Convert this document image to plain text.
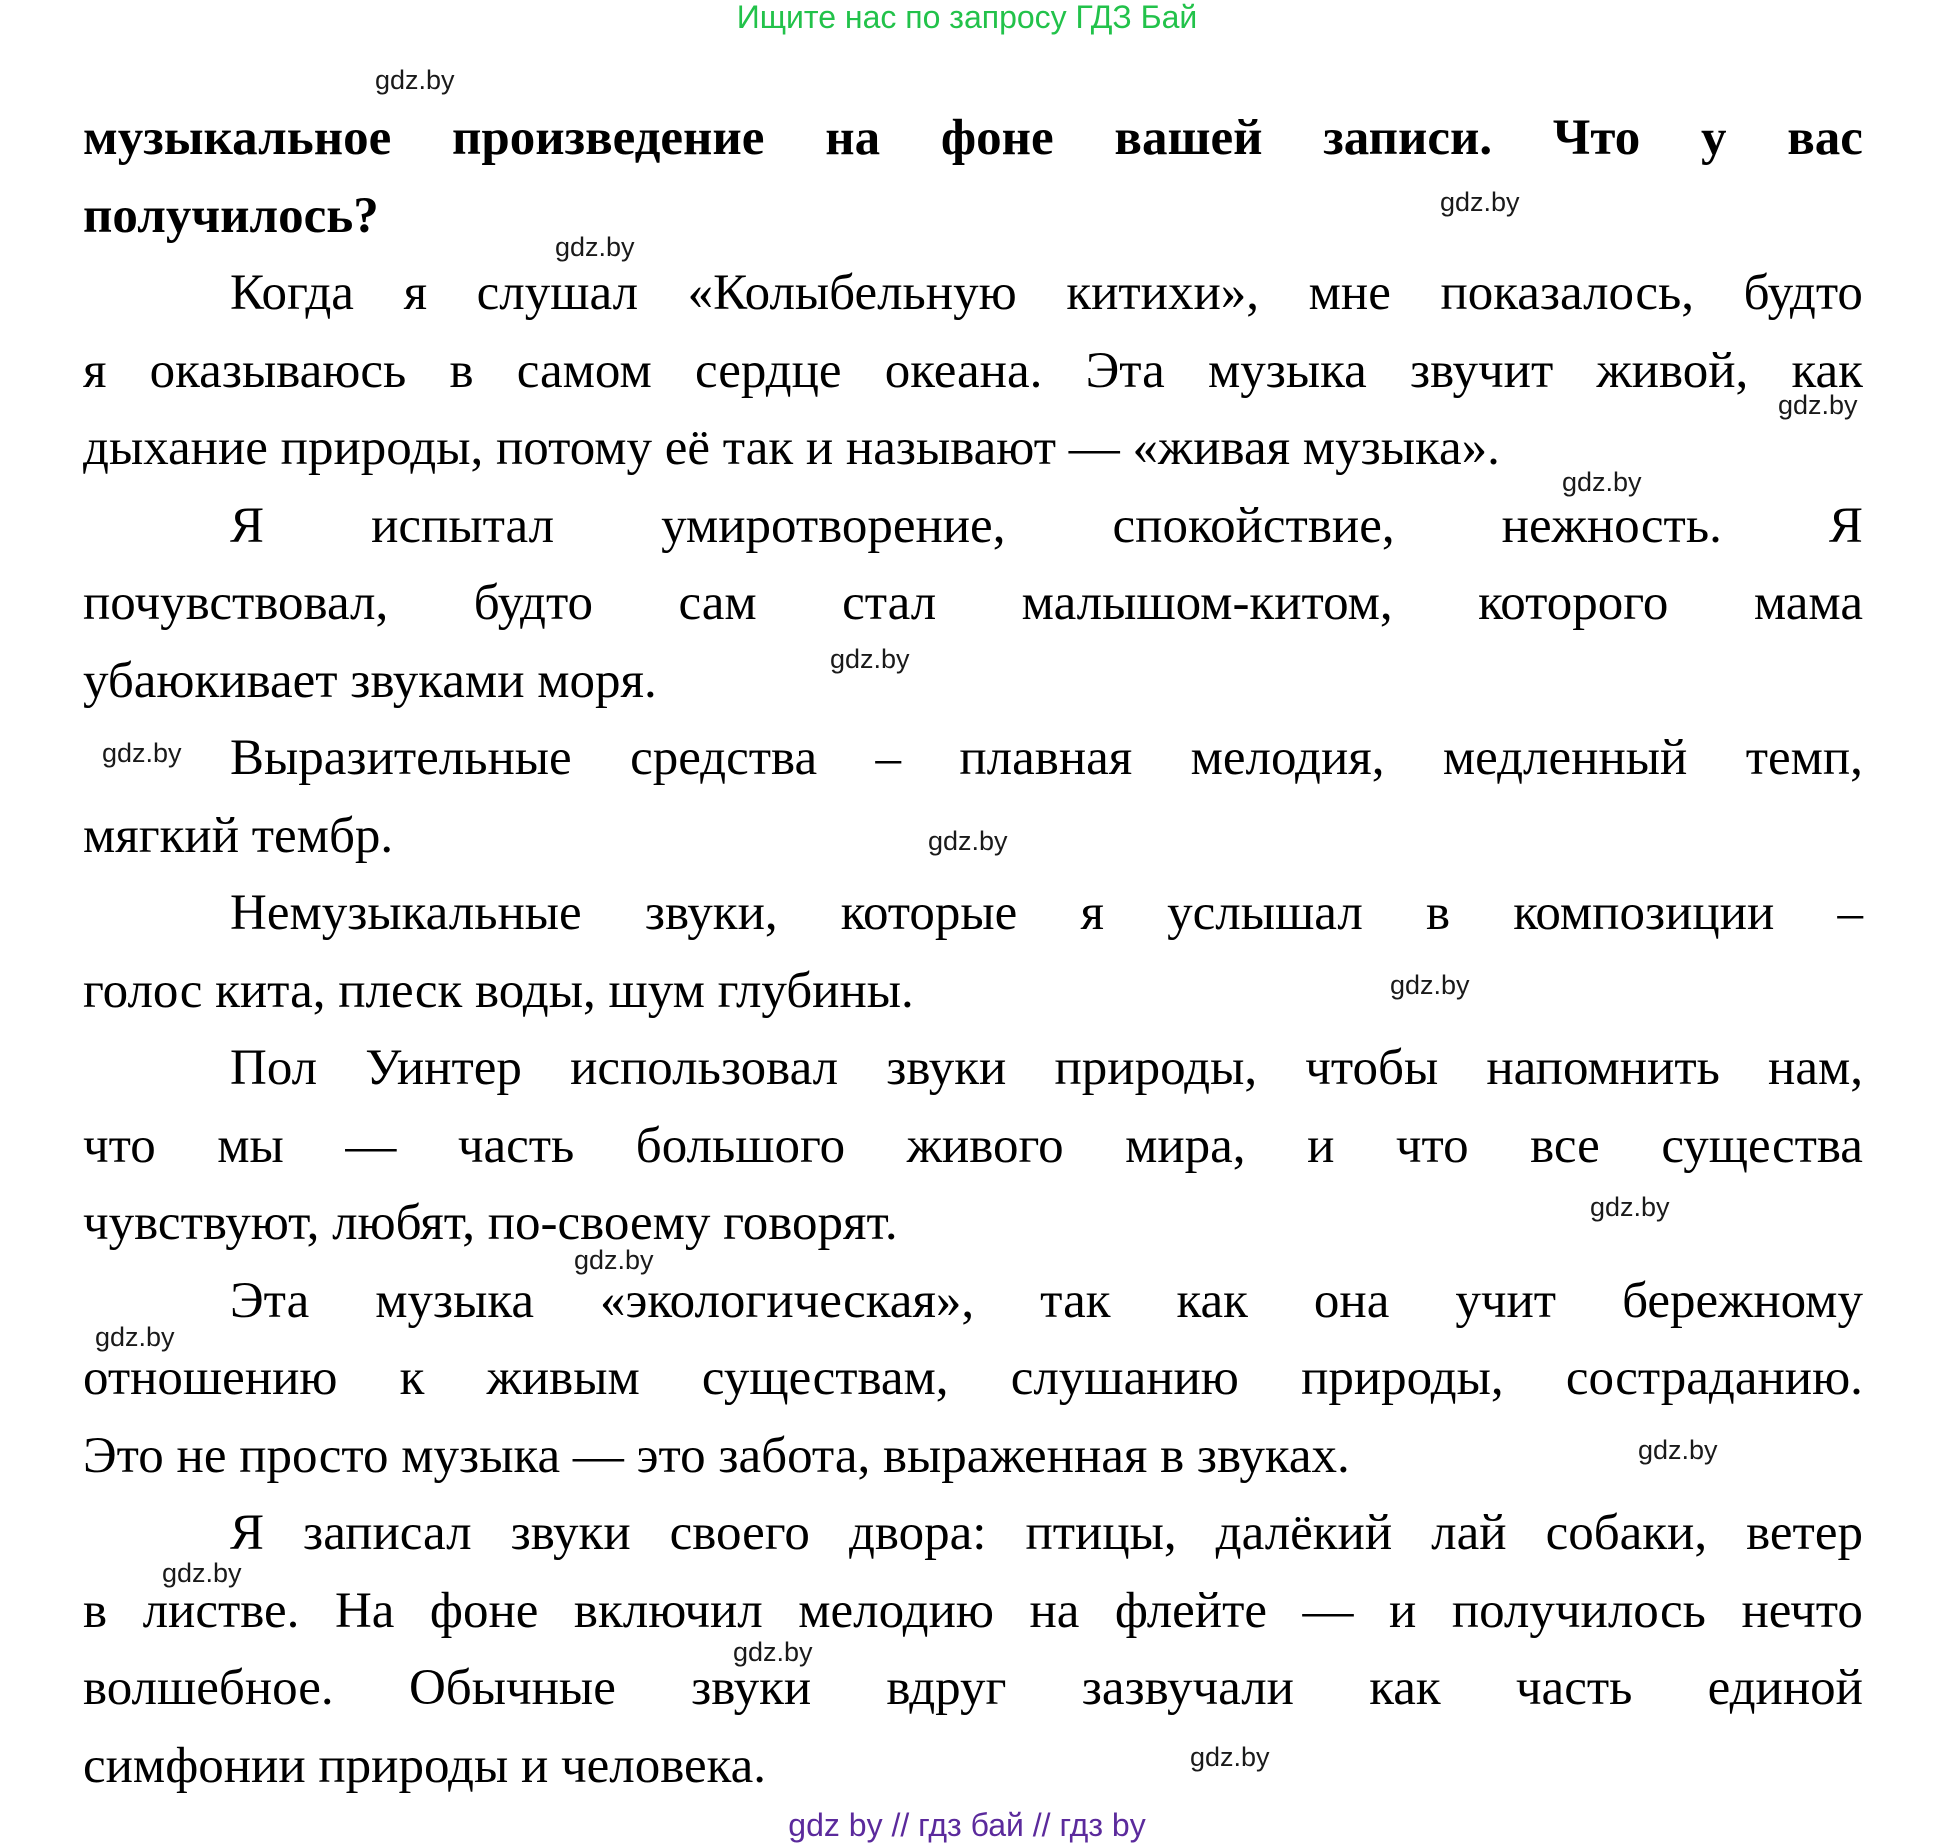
Ищите нас по запросу ГДЗ Бай
музыкальное произведение на фоне вашей записи. Что у вас
получилось?
Когда я слушал «Колыбельную китихи», мне показалось, будто
я оказываюсь в самом сердце океана. Эта музыка звучит живой, как
дыхание природы, потому её так и называют — «живая музыка».
Я испытал умиротворение, спокойствие, нежность. Я
почувствовал, будто сам стал малышом-китом, которого мама
убаюкивает звуками моря.
Выразительные средства – плавная мелодия, медленный темп,
мягкий тембр.
Немузыкальные звуки, которые я услышал в композиции –
голос кита, плеск воды, шум глубины.
Пол Уинтер использовал звуки природы, чтобы напомнить нам,
что мы — часть большого живого мира, и что все существа
чувствуют, любят, по-своему говорят.
Эта музыка «экологическая», так как она учит бережному
отношению к живым существам, слушанию природы, состраданию.
Это не просто музыка — это забота, выраженная в звуках.
Я записал звуки своего двора: птицы, далёкий лай собаки, ветер
в листве. На фоне включил мелодию на флейте — и получилось нечто
волшебное. Обычные звуки вдруг зазвучали как часть единой
симфонии природы и человека.
gdz.by
gdz.by
gdz.by
gdz.by
gdz.by
gdz.by
gdz.by
gdz.by
gdz.by
gdz.by
gdz.by
gdz.by
gdz.by
gdz.by
gdz.by
gdz.by
gdz by // гдз бай // гдз by
